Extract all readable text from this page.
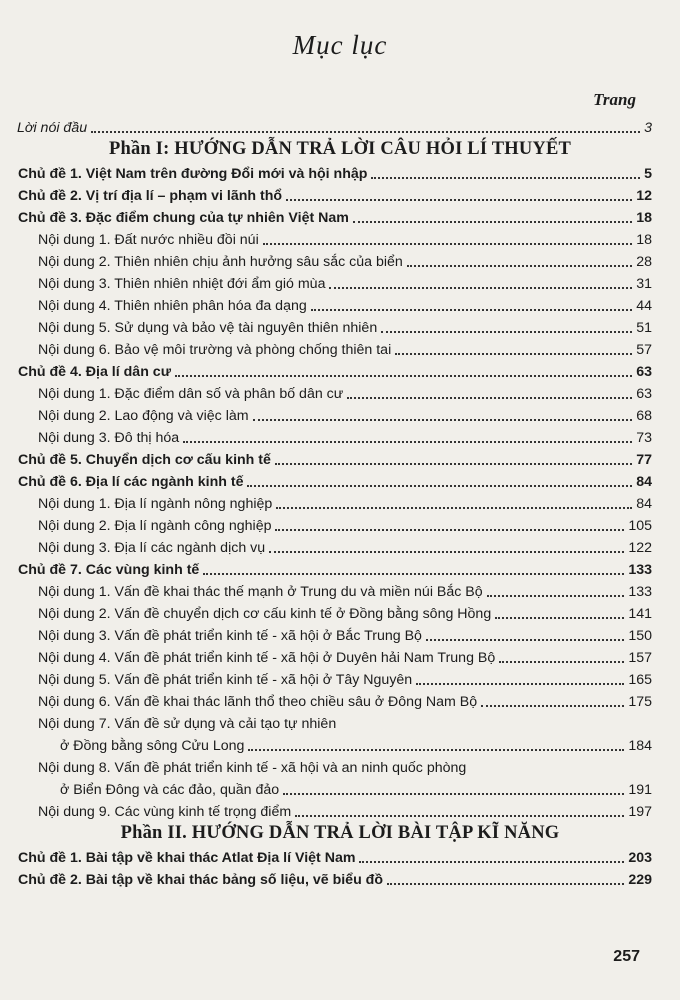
Mục lục
Trang
Lời nói đầu	3
Phần I: HƯỚNG DẪN TRẢ LỜI CÂU HỎI LÍ THUYẾT
Chủ đề 1. Việt Nam trên đường Đổi mới và hội nhập	5
Chủ đề 2. Vị trí địa lí – phạm vi lãnh thổ	12
Chủ đề 3. Đặc điểm chung của tự nhiên Việt Nam	18
Nội dung 1. Đất nước nhiều đồi núi	18
Nội dung 2. Thiên nhiên chịu ảnh hưởng sâu sắc của biển	28
Nội dung 3. Thiên nhiên nhiệt đới ẩm gió mùa	31
Nội dung 4. Thiên nhiên phân hóa đa dạng	44
Nội dung 5. Sử dụng và bảo vệ tài nguyên thiên nhiên	51
Nội dung 6. Bảo vệ môi trường và phòng chống thiên tai	57
Chủ đề 4. Địa lí dân cư	63
Nội dung 1. Đặc điểm dân số và phân bố dân cư	63
Nội dung 2. Lao động và việc làm	68
Nội dung 3. Đô thị hóa	73
Chủ đề 5. Chuyển dịch cơ cấu kinh tế	77
Chủ đề 6. Địa lí các ngành kinh tế	84
Nội dung 1. Địa lí ngành nông nghiệp	84
Nội dung 2. Địa lí ngành công nghiệp	105
Nội dung 3. Địa lí các ngành dịch vụ	122
Chủ đề 7. Các vùng kinh tế	133
Nội dung 1. Vấn đề khai thác thế mạnh ở Trung du và miền núi Bắc Bộ	133
Nội dung 2. Vấn đề chuyển dịch cơ cấu kinh tế ở Đồng bằng sông Hồng	141
Nội dung 3. Vấn đề phát triển kinh tế - xã hội ở Bắc Trung Bộ	150
Nội dung 4. Vấn đề phát triển kinh tế - xã hội ở Duyên hải Nam Trung Bộ	157
Nội dung 5. Vấn đề phát triển kinh tế - xã hội ở Tây Nguyên	165
Nội dung 6. Vấn đề khai thác lãnh thổ theo chiều sâu ở Đông Nam Bộ	175
Nội dung 7. Vấn đề sử dụng và cải tạo tự nhiên
ở Đồng bằng sông Cửu Long	184
Nội dung 8. Vấn đề phát triển kinh tế - xã hội và an ninh quốc phòng
ở Biển Đông và các đảo, quần đảo	191
Nội dung 9. Các vùng kinh tế trọng điểm	197
Phần II. HƯỚNG DẪN TRẢ LỜI BÀI TẬP KĨ NĂNG
Chủ đề 1. Bài tập về khai thác Atlat Địa lí Việt Nam	203
Chủ đề 2. Bài tập về khai thác bảng số liệu, vẽ biểu đồ	229
257
